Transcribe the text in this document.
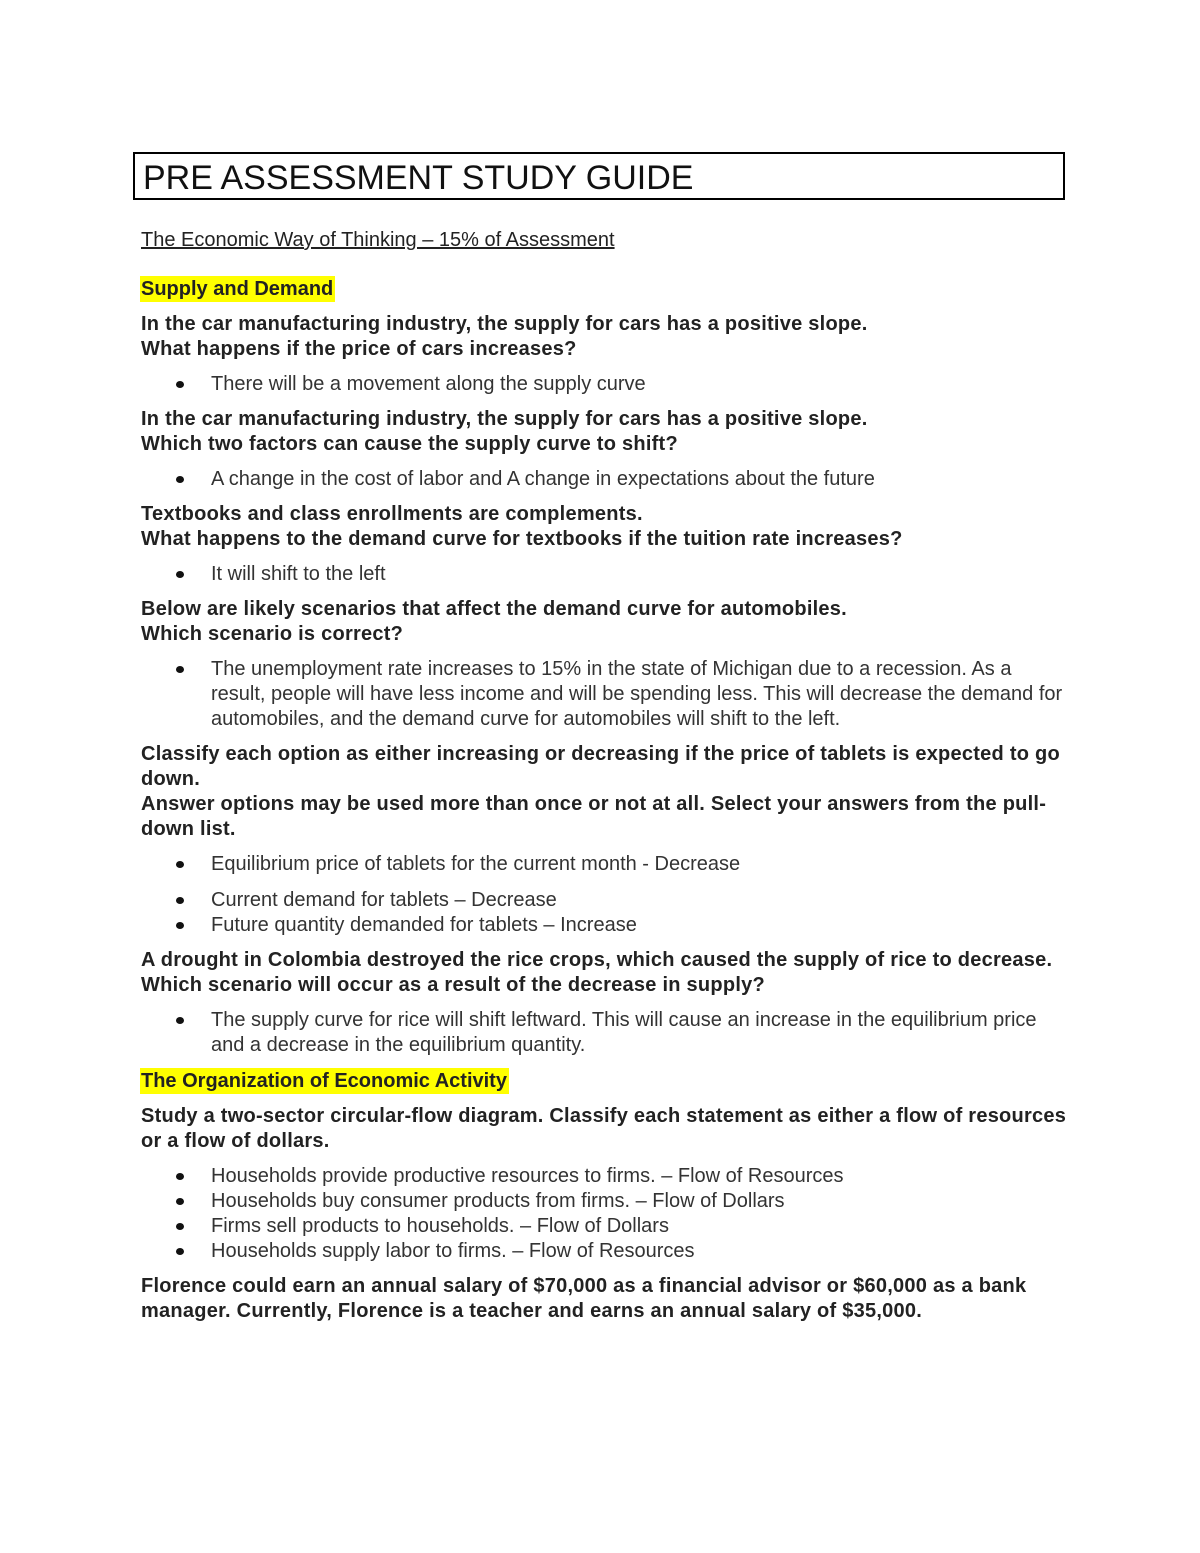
PRE ASSESSMENT STUDY GUIDE
The Economic Way of Thinking – 15% of Assessment
Supply and Demand

In the car manufacturing industry, the supply for cars has a positive slope.

What happens if the price of cars increases?

There will be a movement along the supply curve

In the car manufacturing industry, the supply for cars has a positive slope.

Which two factors can cause the supply curve to shift?

A change in the cost of labor and A change in expectations about the future

Textbooks and class enrollments are complements.

What happens to the demand curve for textbooks if the tuition rate increases?

It will shift to the left

Below are likely scenarios that affect the demand curve for automobiles.

Which scenario is correct?

The unemployment rate increases to 15% in the state of Michigan due to a recession. As a result, people will have less income and will be spending less. This will decrease the demand for automobiles, and the demand curve for automobiles will shift to the left.

Classify each option as either increasing or decreasing if the price of tablets is expected to go down.

Answer options may be used more than once or not at all. Select your answers from the pull-down list.

Equilibrium price of tablets for the current month - Decrease
Current demand for tablets – Decrease
Future quantity demanded for tablets – Increase

A drought in Colombia destroyed the rice crops, which caused the supply of rice to decrease.

Which scenario will occur as a result of the decrease in supply?

The supply curve for rice will shift leftward. This will cause an increase in the equilibrium price and a decrease in the equilibrium quantity.
The Organization of Economic Activity

Study a two-sector circular-flow diagram. Classify each statement as either a flow of resources or a flow of dollars.

Households provide productive resources to firms. – Flow of Resources
Households buy consumer products from firms. – Flow of Dollars
Firms sell products to households. – Flow of Dollars
Households supply labor to firms. – Flow of Resources

Florence could earn an annual salary of $70,000 as a financial advisor or $60,000 as a bank manager. Currently, Florence is a teacher and earns an annual salary of $35,000.
